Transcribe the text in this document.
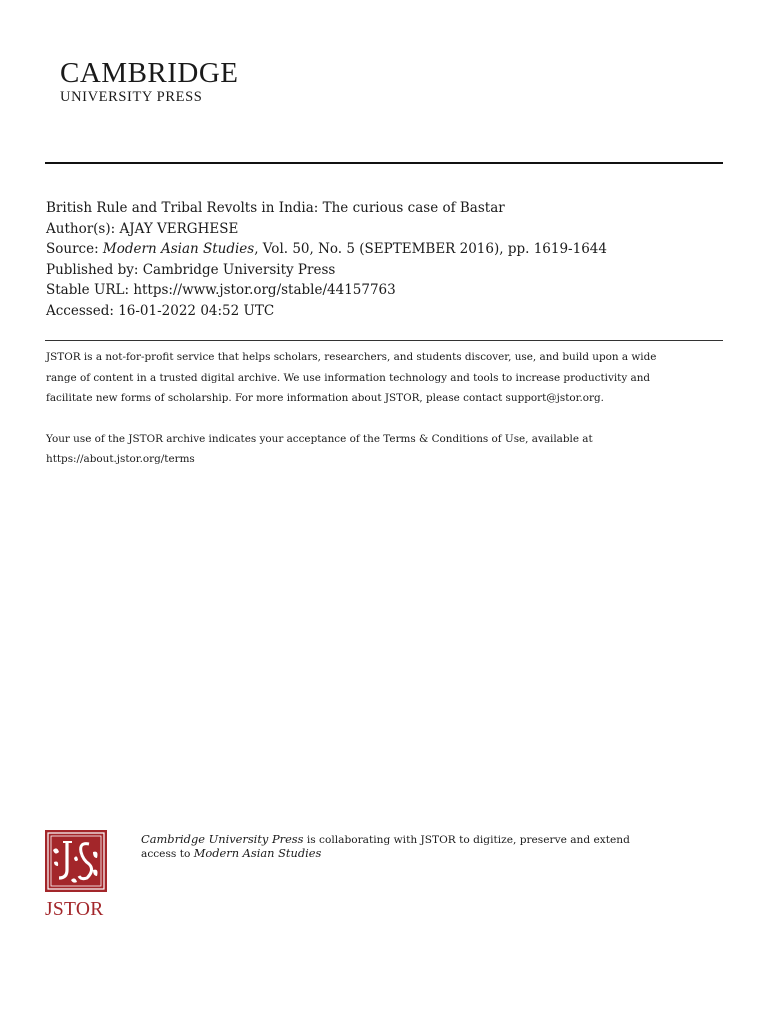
CAMBRIDGE
UNIVERSITY PRESS
British Rule and Tribal Revolts in India: The curious case of Bastar
Author(s): AJAY VERGHESE
Source: Modern Asian Studies, Vol. 50, No. 5 (SEPTEMBER 2016), pp. 1619-1644
Published by: Cambridge University Press
Stable URL: https://www.jstor.org/stable/44157763
Accessed: 16-01-2022 04:52 UTC
JSTOR is a not-for-profit service that helps scholars, researchers, and students discover, use, and build upon a wide
range of content in a trusted digital archive. We use information technology and tools to increase productivity and
facilitate new forms of scholarship. For more information about JSTOR, please contact support@jstor.org.
Your use of the JSTOR archive indicates your acceptance of the Terms & Conditions of Use, available at
https://about.jstor.org/terms
JSTOR
Cambridge University Press is collaborating with JSTOR to digitize, preserve and extend
access to Modern Asian Studies
